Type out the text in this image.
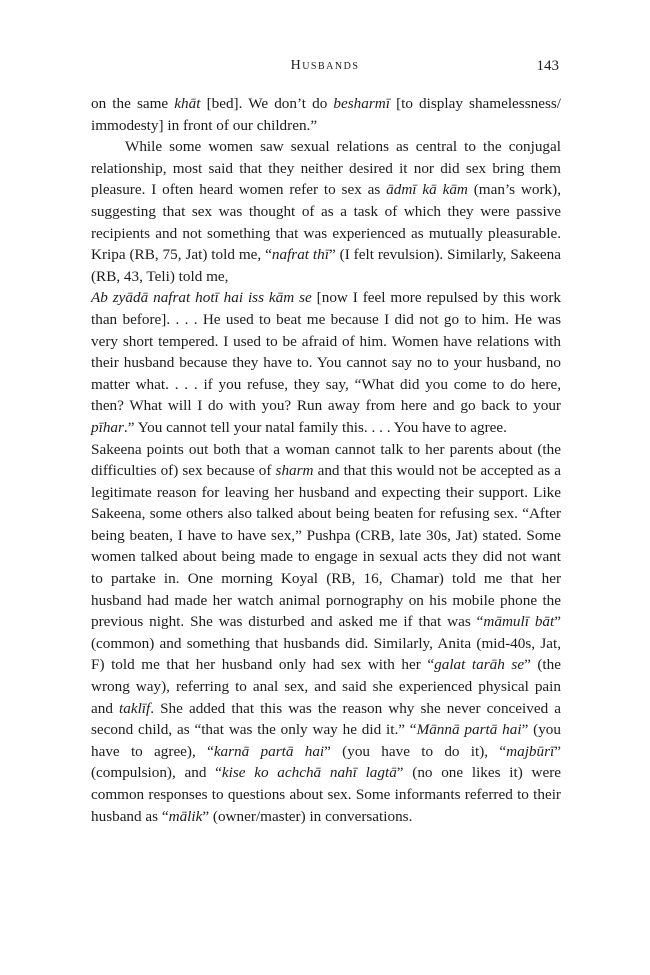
Husbands	143

on the same khāt [bed]. We don’t do besharmī [to display shamelessness/ immodesty] in front of our children.”

While some women saw sexual relations as central to the conjugal relationship, most said that they neither desired it nor did sex bring them pleasure. I often heard women refer to sex as ādmī kā kām (man’s work), suggesting that sex was thought of as a task of which they were passive recipients and not something that was experienced as mutually pleasurable. Kripa (RB, 75, Jat) told me, “nafrat thī” (I felt revulsion). Similarly, Sakeena (RB, 43, Teli) told me,

Ab zyādā nafrat hotī hai iss kām se [now I feel more repulsed by this work than before]. . . . He used to beat me because I did not go to him. He was very short tempered. I used to be afraid of him. Women have relations with their husband because they have to. You cannot say no to your husband, no matter what. . . . if you refuse, they say, “What did you come to do here, then? What will I do with you? Run away from here and go back to your pīhar.” You cannot tell your natal family this. . . . You have to agree.

Sakeena points out both that a woman cannot talk to her parents about (the difficulties of) sex because of sharm and that this would not be accepted as a legitimate reason for leaving her husband and expecting their support. Like Sakeena, some others also talked about being beaten for refusing sex. “After being beaten, I have to have sex,” Pushpa (CRB, late 30s, Jat) stated. Some women talked about being made to engage in sexual acts they did not want to partake in. One morning Koyal (RB, 16, Chamar) told me that her husband had made her watch animal pornography on his mobile phone the previous night. She was disturbed and asked me if that was “māmulī bāt” (common) and something that husbands did. Similarly, Anita (mid-40s, Jat, F) told me that her husband only had sex with her “galat tarāh se” (the wrong way), referring to anal sex, and said she experienced physical pain and taklīf. She added that this was the reason why she never conceived a second child, as “that was the only way he did it.” “Mānnā partā hai” (you have to agree), “karnā partā hai” (you have to do it), “majbūrī” (compulsion), and “kise ko achchā nahī lagtā” (no one likes it) were common responses to questions about sex. Some informants referred to their husband as “mālik” (owner/master) in conversations.
